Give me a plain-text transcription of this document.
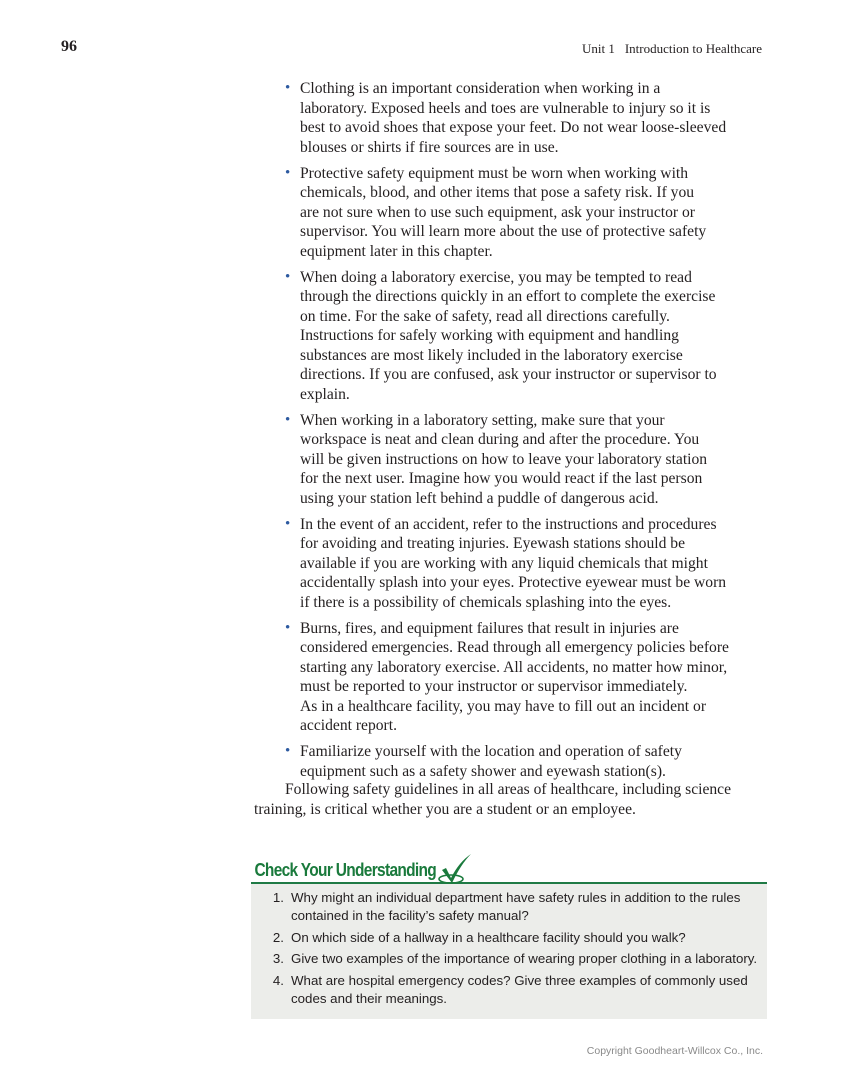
96	Unit 1 Introduction to Healthcare
• Clothing is an important consideration when working in a
laboratory. Exposed heels and toes are vulnerable to injury so it is
best to avoid shoes that expose your feet. Do not wear loose-sleeved
blouses or shirts if fire sources are in use.
• Protective safety equipment must be worn when working with
chemicals, blood, and other items that pose a safety risk. If you
are not sure when to use such equipment, ask your instructor or
supervisor. You will learn more about the use of protective safety
equipment later in this chapter.
• When doing a laboratory exercise, you may be tempted to read
through the directions quickly in an effort to complete the exercise
on time. For the sake of safety, read all directions carefully.
Instructions for safely working with equipment and handling
substances are most likely included in the laboratory exercise
directions. If you are confused, ask your instructor or supervisor to
explain.
• When working in a laboratory setting, make sure that your
workspace is neat and clean during and after the procedure. You
will be given instructions on how to leave your laboratory station
for the next user. Imagine how you would react if the last person
using your station left behind a puddle of dangerous acid.
• In the event of an accident, refer to the instructions and procedures
for avoiding and treating injuries. Eyewash stations should be
available if you are working with any liquid chemicals that might
accidentally splash into your eyes. Protective eyewear must be worn
if there is a possibility of chemicals splashing into the eyes.
• Burns, fires, and equipment failures that result in injuries are
considered emergencies. Read through all emergency policies before
starting any laboratory exercise. All accidents, no matter how minor,
must be reported to your instructor or supervisor immediately.
As in a healthcare facility, you may have to fill out an incident or
accident report.
• Familiarize yourself with the location and operation of safety
equipment such as a safety shower and eyewash station(s).
Following safety guidelines in all areas of healthcare, including science
training, is critical whether you are a student or an employee.
Check Your Understanding
1. Why might an individual department have safety rules in addition to the rules
contained in the facility’s safety manual?
2. On which side of a hallway in a healthcare facility should you walk?
3. Give two examples of the importance of wearing proper clothing in a laboratory.
4. What are hospital emergency codes? Give three examples of commonly used
codes and their meanings.
Copyright Goodheart-Willcox Co., Inc.
